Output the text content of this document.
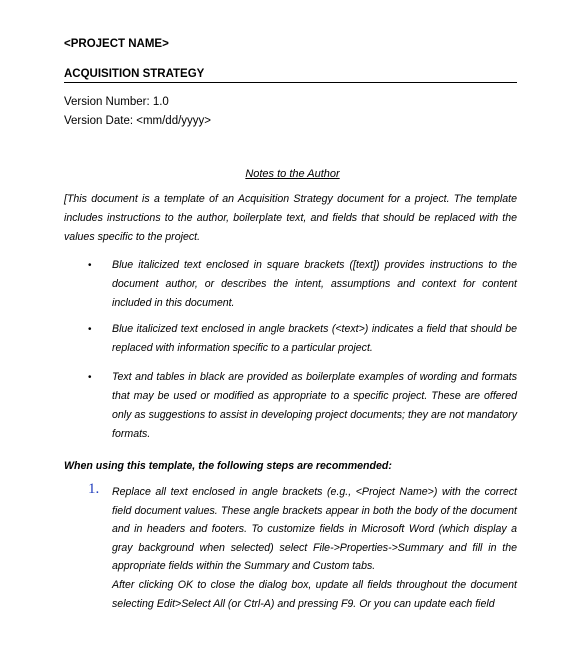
<PROJECT NAME>
ACQUISITION STRATEGY
Version Number: 1.0
Version Date: <mm/dd/yyyy>
Notes to the Author
[This document is a template of an Acquisition Strategy document for a project. The template includes instructions to the author, boilerplate text, and fields that should be replaced with the values specific to the project.
• Blue italicized text enclosed in square brackets ([text]) provides instructions to the document author, or describes the intent, assumptions and context for content included in this document.
• Blue italicized text enclosed in angle brackets (<text>) indicates a field that should be replaced with information specific to a particular project.
• Text and tables in black are provided as boilerplate examples of wording and formats that may be used or modified as appropriate to a specific project. These are offered only as suggestions to assist in developing project documents; they are not mandatory formats.
When using this template, the following steps are recommended:
1. Replace all text enclosed in angle brackets (e.g., <Project Name>) with the correct field document values. These angle brackets appear in both the body of the document and in headers and footers. To customize fields in Microsoft Word (which display a gray background when selected) select File->Properties->Summary and fill in the appropriate fields within the Summary and Custom tabs.
After clicking OK to close the dialog box, update all fields throughout the document selecting Edit>Select All (or Ctrl-A) and pressing F9. Or you can update each field
